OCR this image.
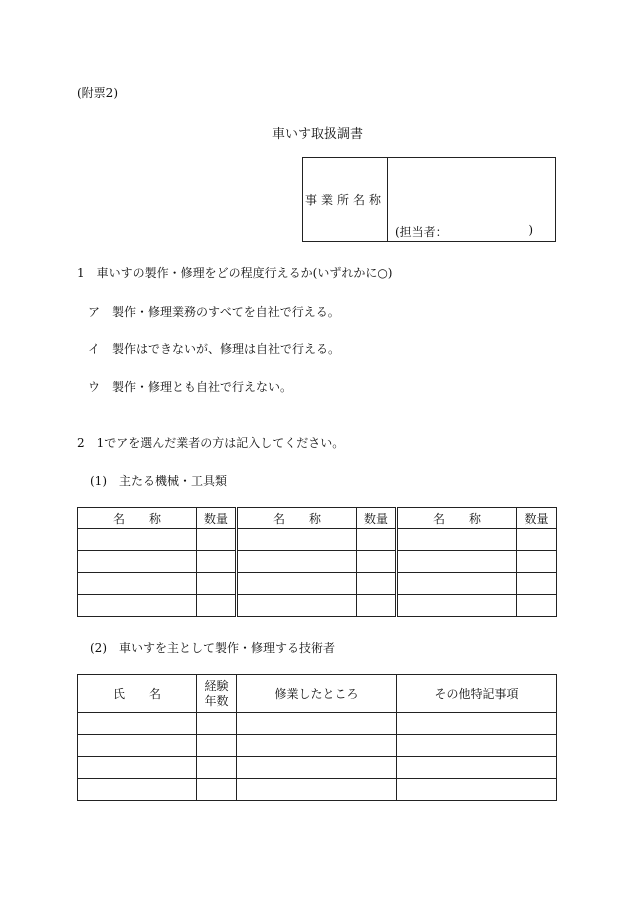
(附票2)
車いす取扱調書
事業所名称
(担当者：	)
1　車いすの製作・修理をどの程度行えるか(いずれかに○)
ア　製作・修理業務のすべてを自社で行える。
イ　製作はできないが、修理は自社で行える。
ウ　製作・修理とも自社で行えない。
2　1でアを選んだ業者の方は記入してください。
(1)　主たる機械・工具類
名　　称	数量	名　　称	数量	名　　称	数量

(2)　車いすを主として製作・修理する技術者
氏　　名	経験
年数	修業したところ	その他特記事項
